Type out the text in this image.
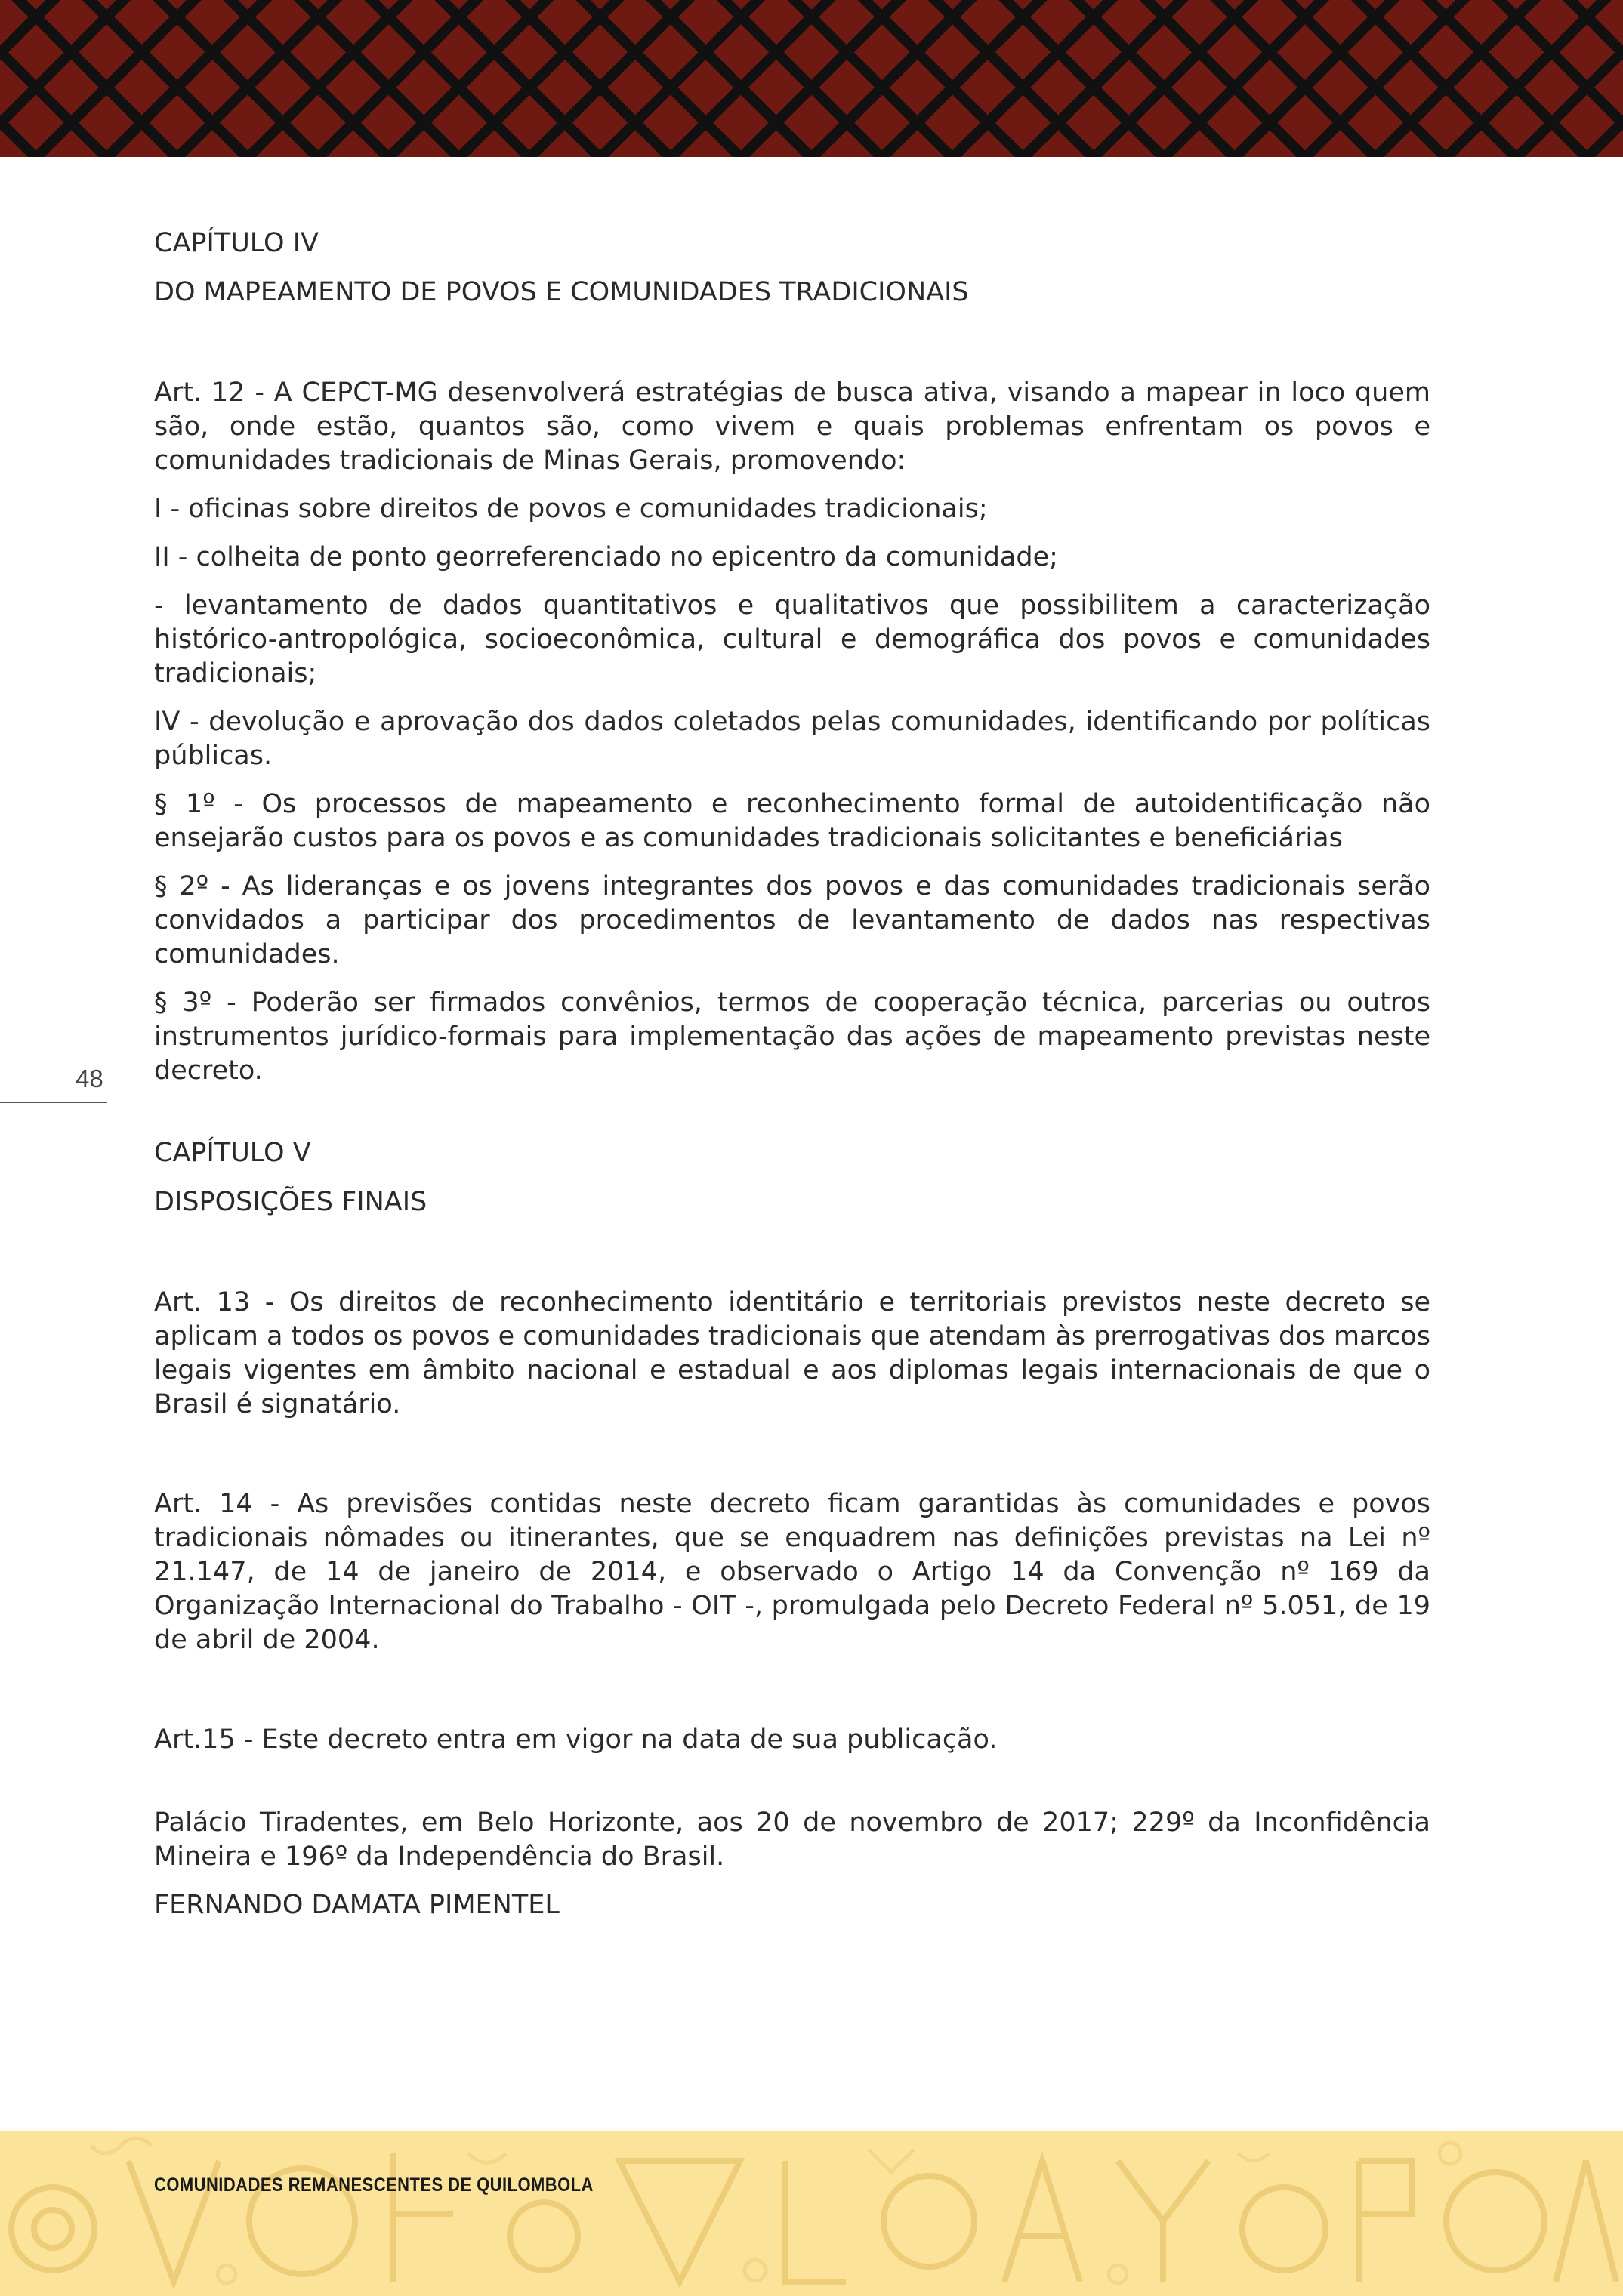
CAPÍTULO IV

DO MAPEAMENTO DE POVOS E COMUNIDADES TRADICIONAIS

Art. 12 - A CEPCT-MG desenvolverá estratégias de busca ativa, visando a mapear in loco quem são, onde estão, quantos são, como vivem e quais problemas enfrentam os povos e comunidades tradicionais de Minas Gerais, promovendo:

I - oficinas sobre direitos de povos e comunidades tradicionais;

II - colheita de ponto georreferenciado no epicentro da comunidade;

- levantamento de dados quantitativos e qualitativos que possibilitem a caracterização histórico-antropológica, socioeconômica, cultural e demográfica dos povos e comunidades tradicionais;

IV - devolução e aprovação dos dados coletados pelas comunidades, identificando por políticas públicas.

§ 1º - Os processos de mapeamento e reconhecimento formal de autoidentificação não ensejarão custos para os povos e as comunidades tradicionais solicitantes e beneficiárias

§ 2º - As lideranças e os jovens integrantes dos povos e das comunidades tradicionais serão convidados a participar dos procedimentos de levantamento de dados nas respectivas comunidades.

§ 3º - Poderão ser firmados convênios, termos de cooperação técnica, parcerias ou outros instrumentos jurídico-formais para implementação das ações de mapeamento previstas neste decreto.

CAPÍTULO V

DISPOSIÇÕES FINAIS

Art. 13 - Os direitos de reconhecimento identitário e territoriais previstos neste decreto se aplicam a todos os povos e comunidades tradicionais que atendam às prerrogativas dos marcos legais vigentes em âmbito nacional e estadual e aos diplomas legais internacionais de que o Brasil é signatário.

Art. 14 - As previsões contidas neste decreto ficam garantidas às comunidades e povos tradicionais nômades ou itinerantes, que se enquadrem nas definições previstas na Lei nº 21.147, de 14 de janeiro de 2014, e observado o Artigo 14 da Convenção nº 169 da Organização Internacional do Trabalho - OIT -, promulgada pelo Decreto Federal nº 5.051, de 19 de abril de 2004.

Art.15 - Este decreto entra em vigor na data de sua publicação.

Palácio Tiradentes, em Belo Horizonte, aos 20 de novembro de 2017; 229º da Inconfidência Mineira e 196º da Independência do Brasil.

FERNANDO DAMATA PIMENTEL

48
COMUNIDADES REMANESCENTES DE QUILOMBOLA
